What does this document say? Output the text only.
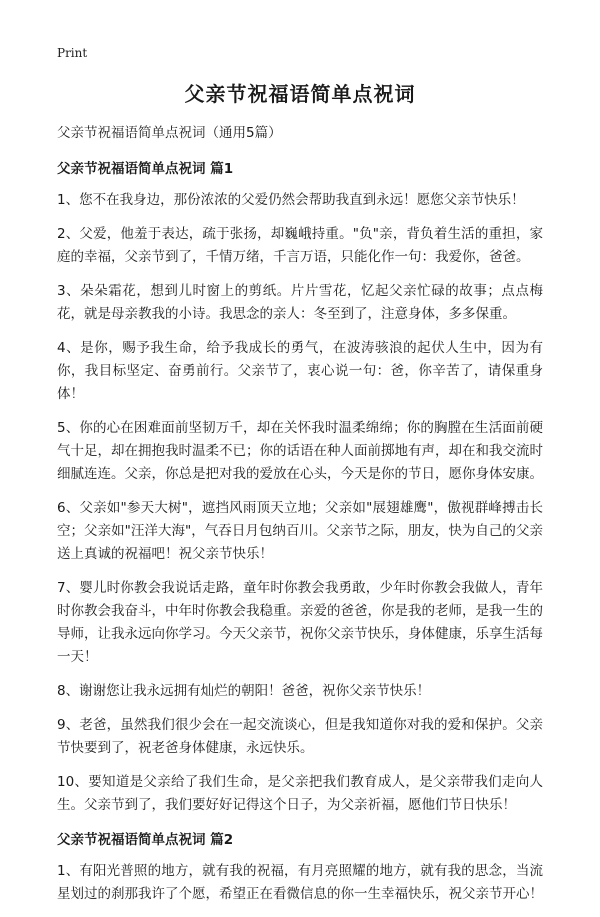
Print
父亲节祝福语简单点祝词

父亲节祝福语简单点祝词（通用5篇）

父亲节祝福语简单点祝词 篇1

1、您不在我身边，那份浓浓的父爱仍然会帮助我直到永远！愿您父亲节快乐！

2、父爱，他羞于表达，疏于张扬，却巍峨持重。"负"亲，背负着生活的重担，家庭的幸福，父亲节到了，千情万绪，千言万语，只能化作一句：我爱你，爸爸。

3、朵朵霜花，想到儿时窗上的剪纸。片片雪花，忆起父亲忙碌的故事；点点梅花，就是母亲教我的小诗。我思念的亲人：冬至到了，注意身体，多多保重。

4、是你，赐予我生命，给予我成长的勇气，在波涛骇浪的起伏人生中，因为有你，我目标坚定、奋勇前行。父亲节了，衷心说一句：爸，你辛苦了，请保重身体！

5、你的心在困难面前坚韧万千，却在关怀我时温柔绵绵；你的胸膛在生活面前硬气十足，却在拥抱我时温柔不已；你的话语在种人面前掷地有声，却在和我交流时细腻连连。父亲，你总是把对我的爱放在心头，今天是你的节日，愿你身体安康。

6、父亲如"参天大树"，遮挡风雨顶天立地；父亲如"展翅雄鹰"，傲视群峰搏击长空；父亲如"汪洋大海"，气吞日月包纳百川。父亲节之际，朋友，快为自己的父亲送上真诚的祝福吧！祝父亲节快乐！

7、婴儿时你教会我说话走路，童年时你教会我勇敢，少年时你教会我做人，青年时你教会我奋斗，中年时你教会我稳重。亲爱的爸爸，你是我的老师，是我一生的导师，让我永远向你学习。今天父亲节，祝你父亲节快乐，身体健康，乐享生活每一天！

8、谢谢您让我永远拥有灿烂的朝阳！爸爸，祝你父亲节快乐！

9、老爸，虽然我们很少会在一起交流谈心，但是我知道你对我的爱和保护。父亲节快要到了，祝老爸身体健康，永远快乐。

10、要知道是父亲给了我们生命，是父亲把我们教育成人，是父亲带我们走向人生。父亲节到了，我们要好好记得这个日子，为父亲祈福，愿他们节日快乐！

父亲节祝福语简单点祝词 篇2

1、有阳光普照的地方，就有我的祝福，有月亮照耀的地方，就有我的思念，当流星划过的刹那我许了个愿，希望正在看微信息的你一生幸福快乐，祝父亲节开心！
